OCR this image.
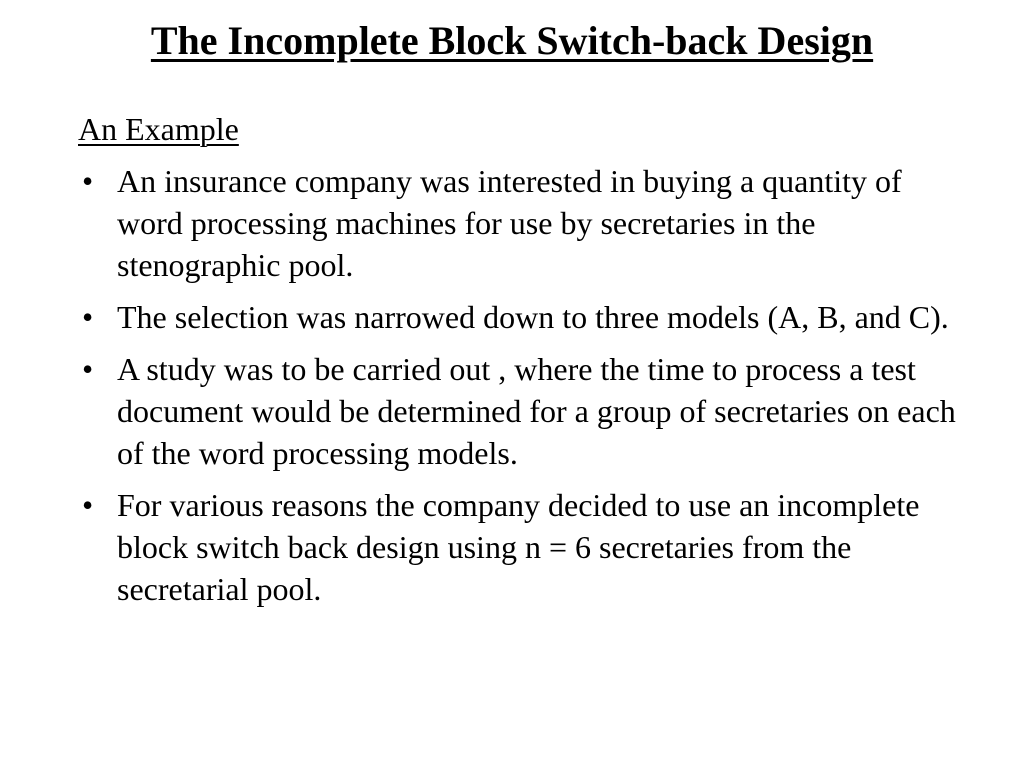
The Incomplete Block Switch-back Design

An Example

• An insurance company was interested in buying a quantity of word processing machines for use by secretaries in the stenographic pool.
• The selection was narrowed down to three models (A, B, and C).
• A study was to be carried out , where the time to process a test document would be determined for a group of secretaries on each of the word processing models.
• For various reasons the company decided to use an incomplete block switch back design using n = 6 secretaries from the secretarial pool.
